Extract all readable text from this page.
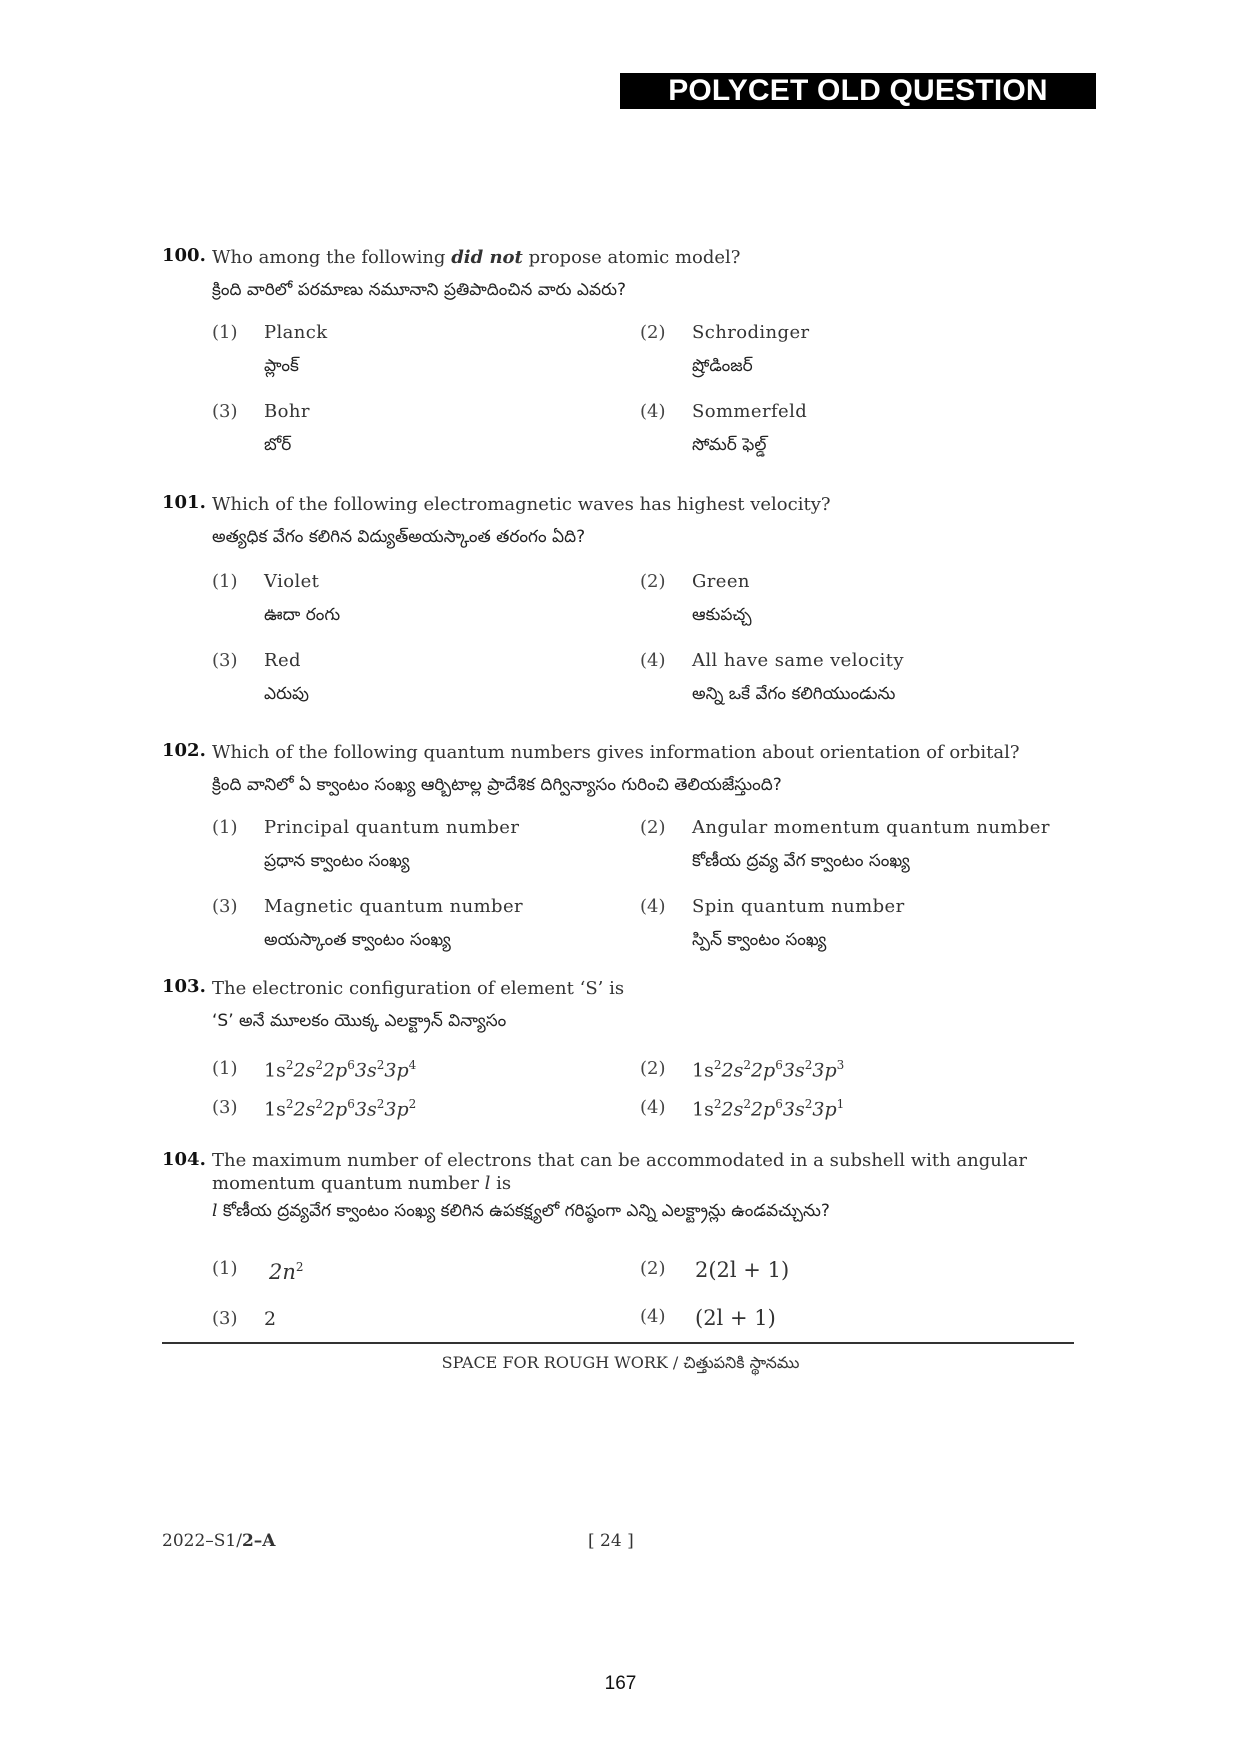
POLYCET OLD QUESTION PAPER
100. Who among the following did not propose atomic model?
క్రింది వారిలో పరమాణు నమూనాని ప్రతిపాదించిన వారు ఎవరు?
(1) Planck
ప్లాంక్
(2) Schrodinger
ష్రోడింజర్
(3) Bohr
బోర్
(4) Sommerfeld
సోమర్ ఫెల్డ్
101. Which of the following electromagnetic waves has highest velocity?
అత్యధిక వేగం కలిగిన విద్యుత్అయస్కాంత తరంగం ఏది?
(1) Violet
ఊదా రంగు
(2) Green
ఆకుపచ్చ
(3) Red
ఎరుపు
(4) All have same velocity
అన్ని ఒకే వేగం కలిగియుండును
102. Which of the following quantum numbers gives information about orientation of orbital?
క్రింది వానిలో ఏ క్వాంటం సంఖ్య ఆర్బిటాల్ల ప్రాదేశిక దిగ్విన్యాసం గురించి తెలియజేస్తుంది?
(1) Principal quantum number
ప్రధాన క్వాంటం సంఖ్య
(2) Angular momentum quantum number
కోణీయ ద్రవ్య వేగ క్వాంటం సంఖ్య
(3) Magnetic quantum number
అయస్కాంత క్వాంటం సంఖ్య
(4) Spin quantum number
స్పిన్ క్వాంటం సంఖ్య
103. The electronic configuration of element ‘S’ is
‘S’ అనే మూలకం యొక్క ఎలక్ట్రాన్ విన్యాసం
(1) $1s^22s^22p^63s^23p^4$	(2) $1s^22s^22p^63s^23p^3$
(3) $1s^22s^22p^63s^23p^2$	(4) $1s^22s^22p^63s^23p^1$
104. The maximum number of electrons that can be accommodated in a subshell with angular
momentum quantum number l is
l కోణీయ ద్రవ్యవేగ క్వాంటం సంఖ్య కలిగిన ఉపకక్ష్యలో గరిష్ఠంగా ఎన్ని ఎలక్ట్రాన్లు ఉండవచ్చును?
(1) $2n^2$	(2) 2(2l + 1)
(3) 2	(4) (2l + 1)
SPACE FOR ROUGH WORK / చిత్తుపనికి స్థానము
2022–S1/2–A	[ 24 ]
167
